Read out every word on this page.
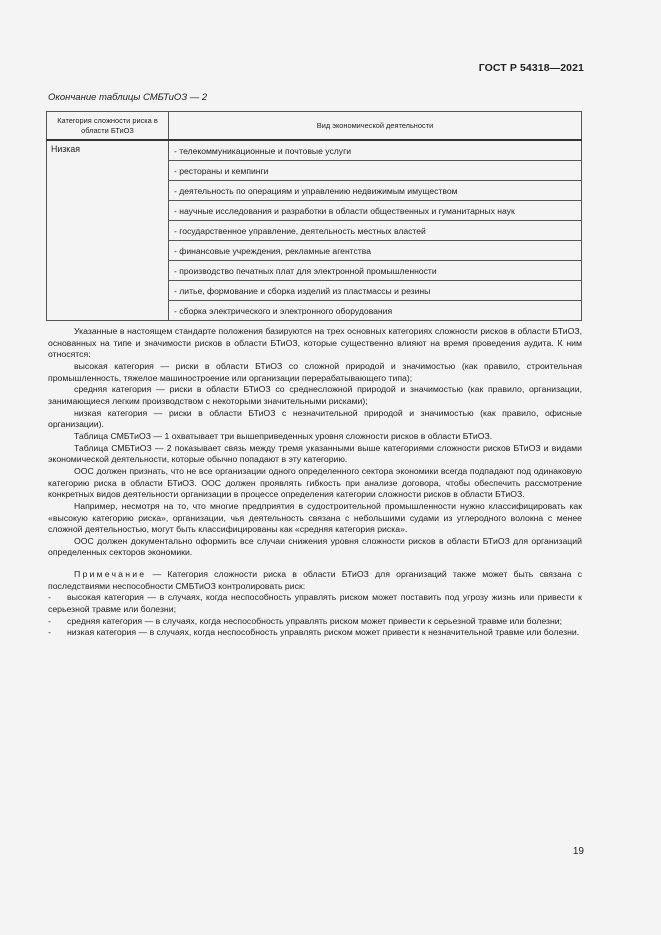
ГОСТ Р 54318—2021
Окончание таблицы СМБТиОЗ — 2
Категория сложности риска в области БТиОЗ	Вид экономической деятельности
Низкая	- телекоммуникационные и почтовые услуги
	- рестораны и кемпинги
	- деятельность по операциям и управлению недвижимым имуществом
	- научные исследования и разработки в области общественных и гуманитарных наук
	- государственное управление, деятельность местных властей
	- финансовые учреждения, рекламные агентства
	- производство печатных плат для электронной промышленности
	- литье, формование и сборка изделий из пластмассы и резины
	- сборка электрического и электронного оборудования

Указанные в настоящем стандарте положения базируются на трех основных категориях сложности рисков в области БТиОЗ, основанных на типе и значимости рисков в области БТиОЗ, которые существенно влияют на время проведения аудита. К ним относятся:

высокая категория — риски в области БТиОЗ со сложной природой и значимостью (как правило, строительная промышленность, тяжелое машиностроение или организации перерабатывающего типа);

средняя категория — риски в области БТиОЗ со среднесложной природой и значимостью (как правило, организации, занимающиеся легким производством с некоторыми значительными рисками);

низкая категория — риски в области БТиОЗ с незначительной природой и значимостью (как правило, офисные организации).

Таблица СМБТиОЗ — 1 охватывает три вышеприведенных уровня сложности рисков в области БТиОЗ.

Таблица СМБТиОЗ — 2 показывает связь между тремя указанными выше категориями сложности рисков БТиОЗ и видами экономической деятельности, которые обычно попадают в эту категорию.

ООС должен признать, что не все организации одного определенного сектора экономики всегда подпадают под одинаковую категорию риска в области БТиОЗ. ООС должен проявлять гибкость при анализе договора, чтобы обеспечить рассмотрение конкретных видов деятельности организации в процессе определения категории сложности рисков в области БТиОЗ.

Например, несмотря на то, что многие предприятия в судостроительной промышленности нужно классифицировать как «высокую категорию риска», организации, чья деятельность связана с небольшими судами из углеродного волокна с менее сложной деятельностью, могут быть классифицированы как «средняя категория риска».

ООС должен документально оформить все случаи снижения уровня сложности рисков в области БТиОЗ для организаций определенных секторов экономики.

Примечание — Категория сложности риска в области БТиОЗ для организаций также может быть связана с последствиями неспособности СМБТиОЗ контролировать риск:

-	высокая категория — в случаях, когда неспособность управлять риском может поставить под угрозу жизнь или привести к серьезной травме или болезни;

-	средняя категория — в случаях, когда неспособность управлять риском может привести к серьезной травме или болезни;

-	низкая категория — в случаях, когда неспособность управлять риском может привести к незначительной травме или болезни.

19
